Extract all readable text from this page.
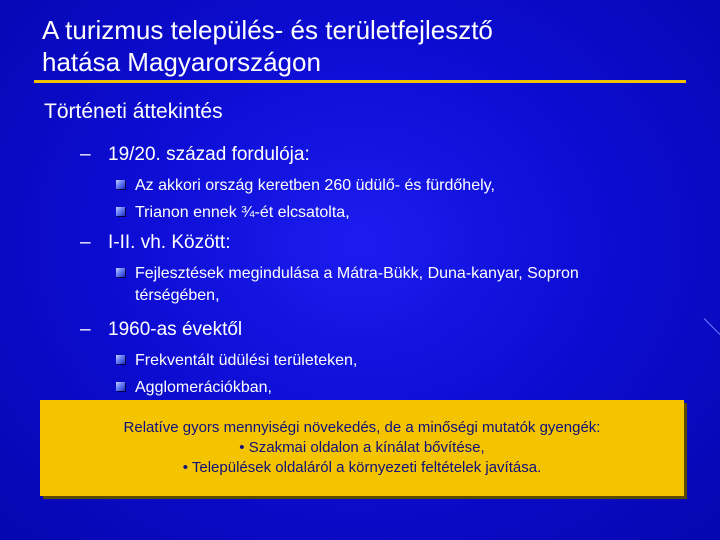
A turizmus település- és területfejlesztő
hatása Magyarországon
Történeti áttekintés
– 19/20. század fordulója:
Az akkori ország keretben 260 üdülő- és fürdőhely,
Trianon ennek ¾-ét elcsatolta,
– I-II. vh. Között:
Fejlesztések megindulása a Mátra-Bükk, Duna-kanyar, Sopron térségében,
– 1960-as évektől
Frekventált üdülési területeken,
Agglomerációkban,
Relatíve gyors mennyiségi növekedés, de a minőségi mutatók gyengék:
• Szakmai oldalon a kínálat bővítése,
• Települések oldaláról a környezeti feltételek javítása.
